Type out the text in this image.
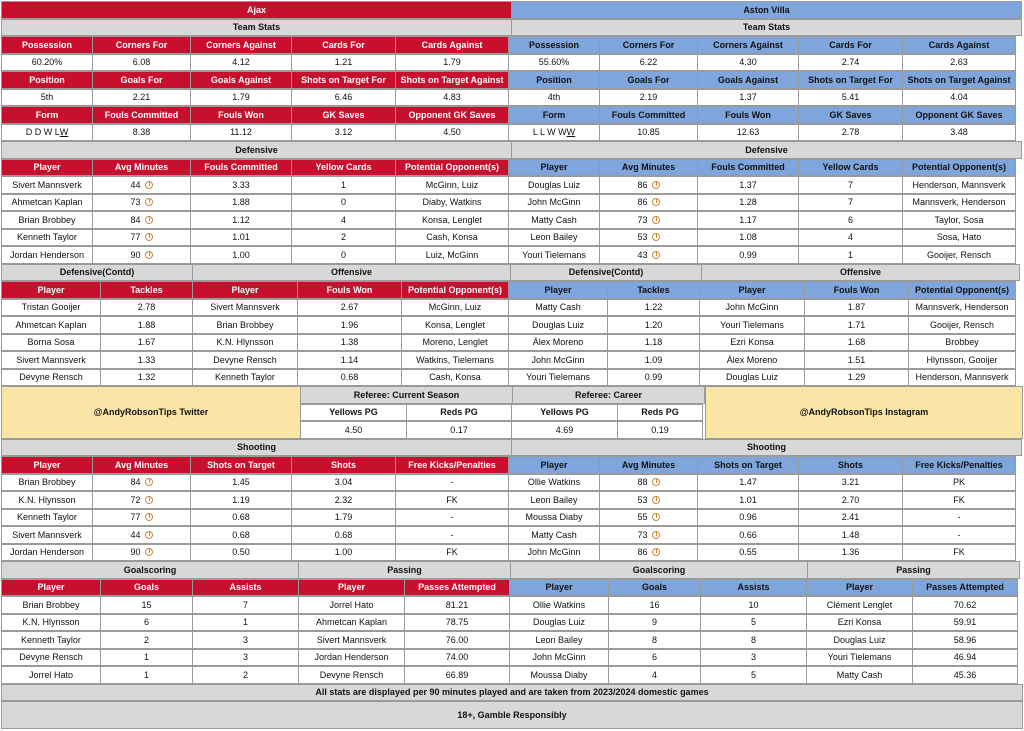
Ajax	Aston Villa
Team Stats	Team Stats
Possession	Corners For	Corners Against	Cards For	Cards Against	Possession	Corners For	Corners Against	Cards For	Cards Against
60.20%	6.08	4.12	1.21	1.79	55.60%	6.22	4.30	2.74	2.63
Position	Goals For	Goals Against	Shots on Target For	Shots on Target Against	Position	Goals For	Goals Against	Shots on Target For	Shots on Target Against
5th	2.21	1.79	6.46	4.83	4th	2.19	1.37	5.41	4.04
Form	Fouls Committed	Fouls Won	GK Saves	Opponent GK Saves	Form	Fouls Committed	Fouls Won	GK Saves	Opponent GK Saves
D D W L W	8.38	11.12	3.12	4.50	L L W W W	10.85	12.63	2.78	3.48
Defensive	Defensive
Player	Avg Minutes	Fouls Committed	Yellow Cards	Potential Opponent(s)	Player	Avg Minutes	Fouls Committed	Yellow Cards	Potential Opponent(s)
Sivert Mannsverk	44	3.33	1	McGinn, Luiz	Douglas Luiz	86	1.37	7	Henderson, Mannsverk
Ahmetcan Kaplan	73	1.88	0	Diaby, Watkins	John McGinn	86	1.28	7	Mannsverk, Henderson
Brian Brobbey	84	1.12	4	Konsa, Lenglet	Matty Cash	73	1.17	6	Taylor, Sosa
Kenneth Taylor	77	1.01	2	Cash, Konsa	Leon Bailey	53	1.08	4	Sosa, Hato
Jordan Henderson	90	1.00	0	Luiz, McGinn	Youri Tielemans	43	0.99	1	Gooijer, Rensch
Defensive(Contd)	Offensive	Defensive(Contd)	Offensive
Player	Tackles	Player	Fouls Won	Potential Opponent(s)	Player	Tackles	Player	Fouls Won	Potential Opponent(s)
Tristan Gooijer	2.78	Sivert Mannsverk	2.67	McGinn, Luiz	Matty Cash	1.22	John McGinn	1.87	Mannsverk, Henderson
Ahmetcan Kaplan	1.88	Brian Brobbey	1.96	Konsa, Lenglet	Douglas Luiz	1.20	Youri Tielemans	1.71	Gooijer, Rensch
Borna Sosa	1.67	K.N. Hlynsson	1.38	Moreno, Lenglet	Álex Moreno	1.18	Ezri Konsa	1.68	Brobbey
Sivert Mannsverk	1.33	Devyne Rensch	1.14	Watkins, Tielemans	John McGinn	1.09	Álex Moreno	1.51	Hlynsson, Gooijer
Devyne Rensch	1.32	Kenneth Taylor	0.68	Cash, Konsa	Youri Tielemans	0.99	Douglas Luiz	1.29	Henderson, Mannsverk
@AndyRobsonTips Twitter	@AndyRobsonTips Instagram
Referee: Current Season	Referee: Career
Yellows PG	Reds PG	Yellows PG	Reds PG
4.50	0.17	4.69	0.19
Shooting	Shooting
Player	Avg Minutes	Shots on Target	Shots	Free Kicks/Penalties	Player	Avg Minutes	Shots on Target	Shots	Free Kicks/Penalties
Brian Brobbey	84	1.45	3.04	-	Ollie Watkins	88	1.47	3.21	PK
K.N. Hlynsson	72	1.19	2.32	FK	Leon Bailey	53	1.01	2.70	FK
Kenneth Taylor	77	0.68	1.79	-	Moussa Diaby	55	0.96	2.41	-
Sivert Mannsverk	44	0.68	0.68	-	Matty Cash	73	0.66	1.48	-
Jordan Henderson	90	0.50	1.00	FK	John McGinn	86	0.55	1.36	FK
Goalscoring	Passing	Goalscoring	Passing
Player	Goals	Assists	Player	Passes Attempted	Player	Goals	Assists	Player	Passes Attempted
Brian Brobbey	15	7	Jorrel Hato	81.21	Ollie Watkins	16	10	Clément Lenglet	70.62
K.N. Hlynsson	6	1	Ahmetcan Kaplan	78.75	Douglas Luiz	9	5	Ezri Konsa	59.91
Kenneth Taylor	2	3	Sivert Mannsverk	76.00	Leon Bailey	8	8	Douglas Luiz	58.96
Devyne Rensch	1	3	Jordan Henderson	74.00	John McGinn	6	3	Youri Tielemans	46.94
Jorrel Hato	1	2	Devyne Rensch	66.89	Moussa Diaby	4	5	Matty Cash	45.36
All stats are displayed per 90 minutes played and are taken from 2023/2024 domestic games
18+, Gamble Responsibly
